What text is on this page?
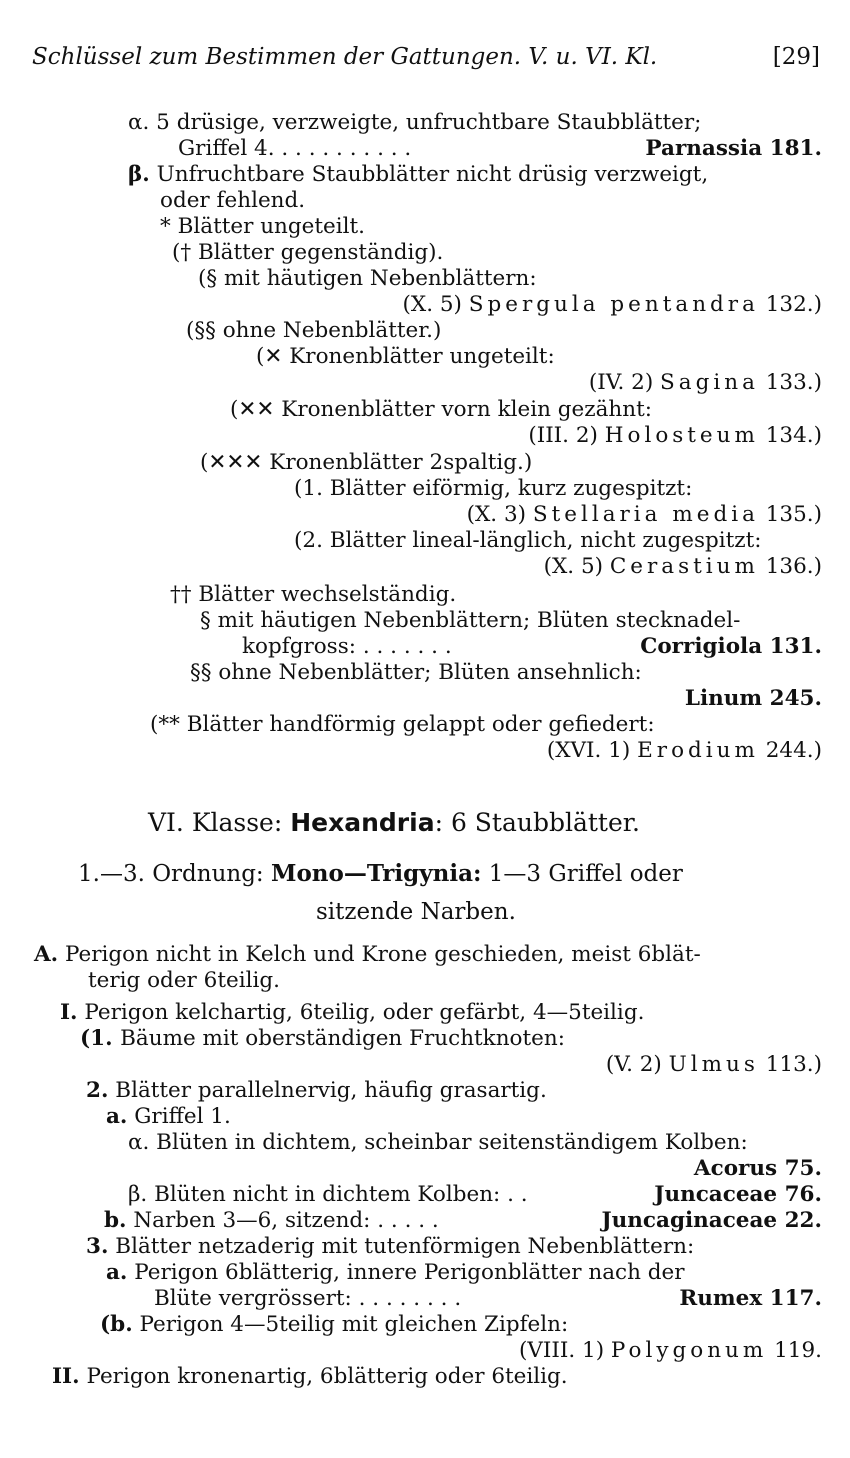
Schlüssel zum Bestimmen der Gattungen. V. u. VI. Kl.	[29]
α. 5 drüsige, verzweigte, unfruchtbare Staubblätter;
Griffel 4. . . . . . . . . . .	Parnassia 181.
β. Unfruchtbare Staubblätter nicht drüsig verzweigt,
oder fehlend.
* Blätter ungeteilt.
(† Blätter gegenständig).
(§ mit häutigen Nebenblättern:
(X. 5) Spergula pentandra 132.)
(§§ ohne Nebenblätter.)
(✕ Kronenblätter ungeteilt:
(IV. 2) Sagina 133.)
(✕✕ Kronenblätter vorn klein gezähnt:
(III. 2) Holosteum 134.)
(✕✕✕ Kronenblätter 2spaltig.)
(1. Blätter eiförmig, kurz zugespitzt:
(X. 3) Stellaria media 135.)
(2. Blätter lineal-länglich, nicht zugespitzt:
(X. 5) Cerastium 136.)
†† Blätter wechselständig.
§ mit häutigen Nebenblättern; Blüten stecknadel-
kopfgross: . . . . . . .	Corrigiola 131.
§§ ohne Nebenblätter; Blüten ansehnlich:
Linum 245.
(** Blätter handförmig gelappt oder gefiedert:
(XVI. 1) Erodium 244.)
I. Perigon kelchartig, 6teilig, oder gefärbt, 4—5teilig.
(1. Bäume mit oberständigen Fruchtknoten:
(V. 2) Ulmus 113.)
2. Blätter parallelnervig, häufig grasartig.
a. Griffel 1.
α. Blüten in dichtem, scheinbar seitenständigem Kolben:
Acorus 75.
β. Blüten nicht in dichtem Kolben: . .	Juncaceae 76.
b. Narben 3—6, sitzend: . . . . .	Juncaginaceae 22.
3. Blätter netzaderig mit tutenförmigen Nebenblättern:
a. Perigon 6blätterig, innere Perigonblätter nach der
Blüte vergrössert: . . . . . . . .	Rumex 117.
(b. Perigon 4—5teilig mit gleichen Zipfeln:
(VIII. 1) Polygonum 119.
II. Perigon kronenartig, 6blätterig oder 6teilig.
VI. Klasse: Hexandria: 6 Staubblätter.
1.—3. Ordnung: Mono—Trigynia: 1—3 Griffel oder
sitzende Narben.
A. Perigon nicht in Kelch und Krone geschieden, meist 6blät-
terig oder 6teilig.
